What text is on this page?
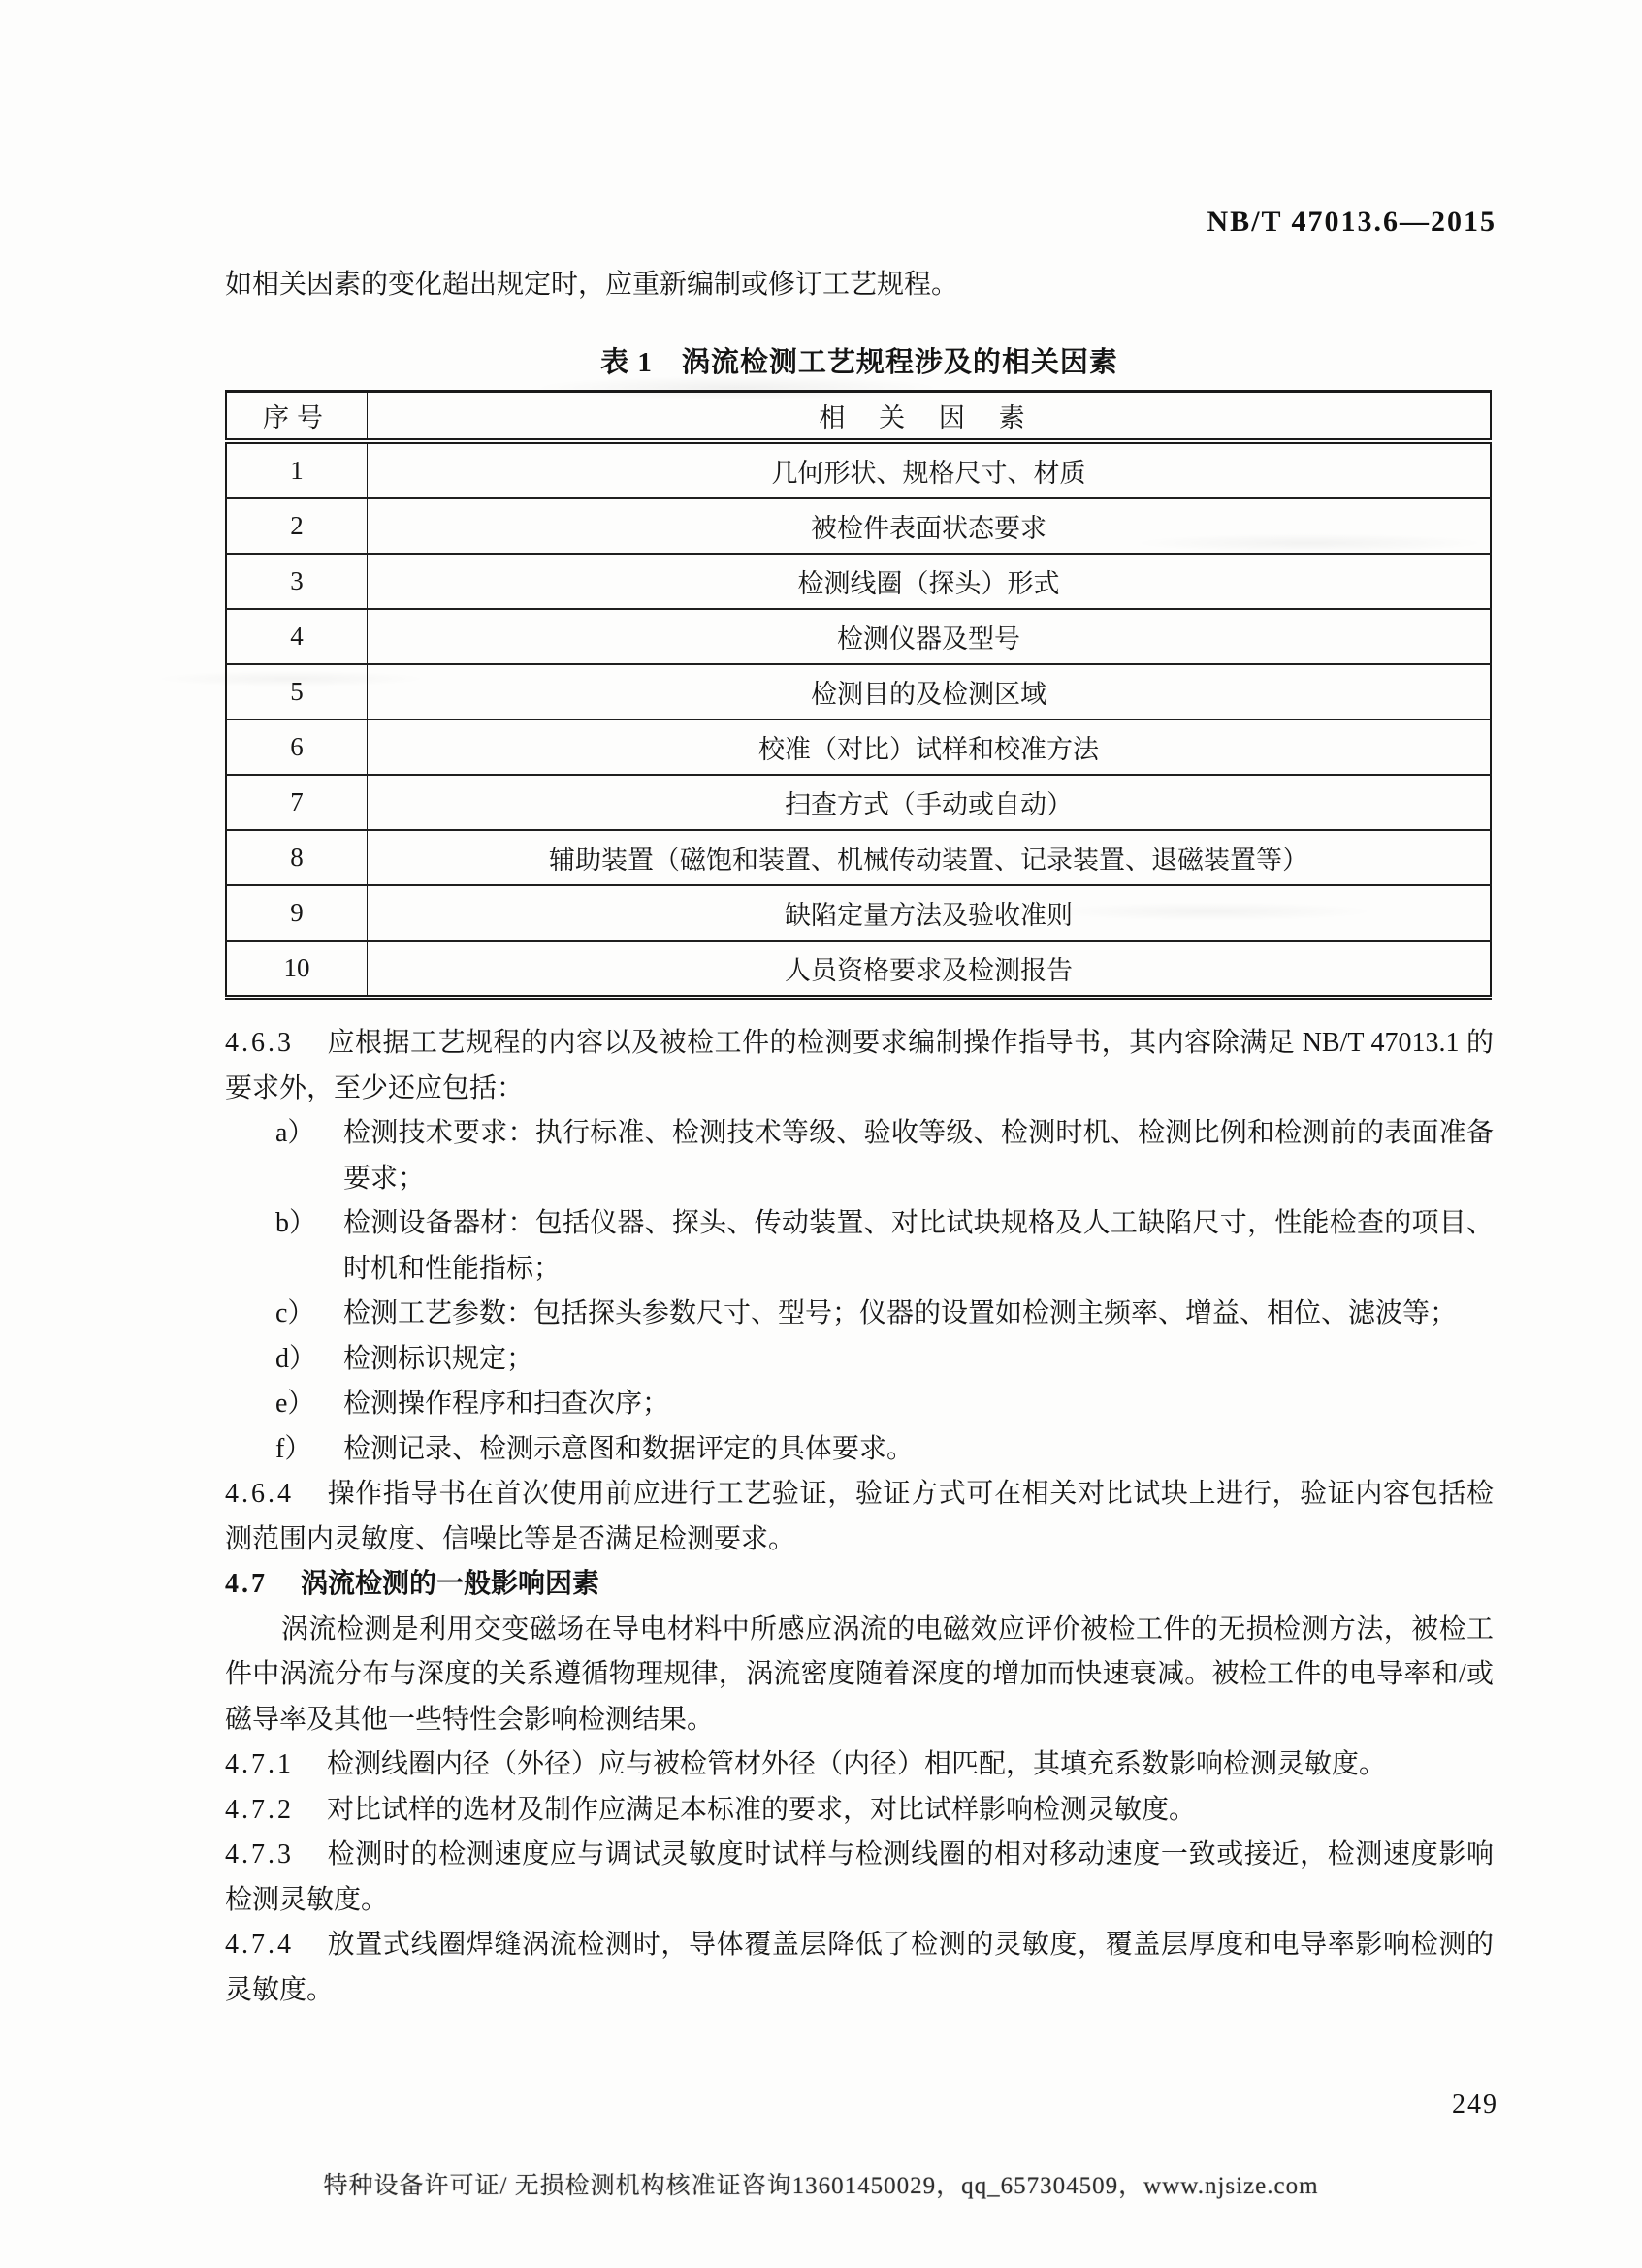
NB/T 47013.6—2015

如相关因素的变化超出规定时，应重新编制或修订工艺规程。

表 1　涡流检测工艺规程涉及的相关因素
序号	相 关 因 素
1	几何形状、规格尺寸、材质
2	被检件表面状态要求
3	检测线圈（探头）形式
4	检测仪器及型号
5	检测目的及检测区域
6	校准（对比）试样和校准方法
7	扫查方式（手动或自动）
8	辅助装置（磁饱和装置、机械传动装置、记录装置、退磁装置等）
9	缺陷定量方法及验收准则
10	人员资格要求及检测报告

4.6.3 应根据工艺规程的内容以及被检工件的检测要求编制操作指导书，其内容除满足 NB/T 47013.1 的要求外，至少还应包括：

a） 检测技术要求：执行标准、检测技术等级、验收等级、检测时机、检测比例和检测前的表面准备要求；
b） 检测设备器材：包括仪器、探头、传动装置、对比试块规格及人工缺陷尺寸，性能检查的项目、时机和性能指标；
c） 检测工艺参数：包括探头参数尺寸、型号；仪器的设置如检测主频率、增益、相位、滤波等；
d） 检测标识规定；
e） 检测操作程序和扫查次序；
f） 检测记录、检测示意图和数据评定的具体要求。

4.6.4 操作指导书在首次使用前应进行工艺验证，验证方式可在相关对比试块上进行，验证内容包括检测范围内灵敏度、信噪比等是否满足检测要求。

4.7 涡流检测的一般影响因素

涡流检测是利用交变磁场在导电材料中所感应涡流的电磁效应评价被检工件的无损检测方法，被检工件中涡流分布与深度的关系遵循物理规律，涡流密度随着深度的增加而快速衰减。被检工件的电导率和/或磁导率及其他一些特性会影响检测结果。

4.7.1 检测线圈内径（外径）应与被检管材外径（内径）相匹配，其填充系数影响检测灵敏度。

4.7.2 对比试样的选材及制作应满足本标准的要求，对比试样影响检测灵敏度。

4.7.3 检测时的检测速度应与调试灵敏度时试样与检测线圈的相对移动速度一致或接近，检测速度影响检测灵敏度。

4.7.4 放置式线圈焊缝涡流检测时，导体覆盖层降低了检测的灵敏度，覆盖层厚度和电导率影响检测的灵敏度。

249
特种设备许可证/ 无损检测机构核准证咨询13601450029，qq_657304509，www.njsize.com
